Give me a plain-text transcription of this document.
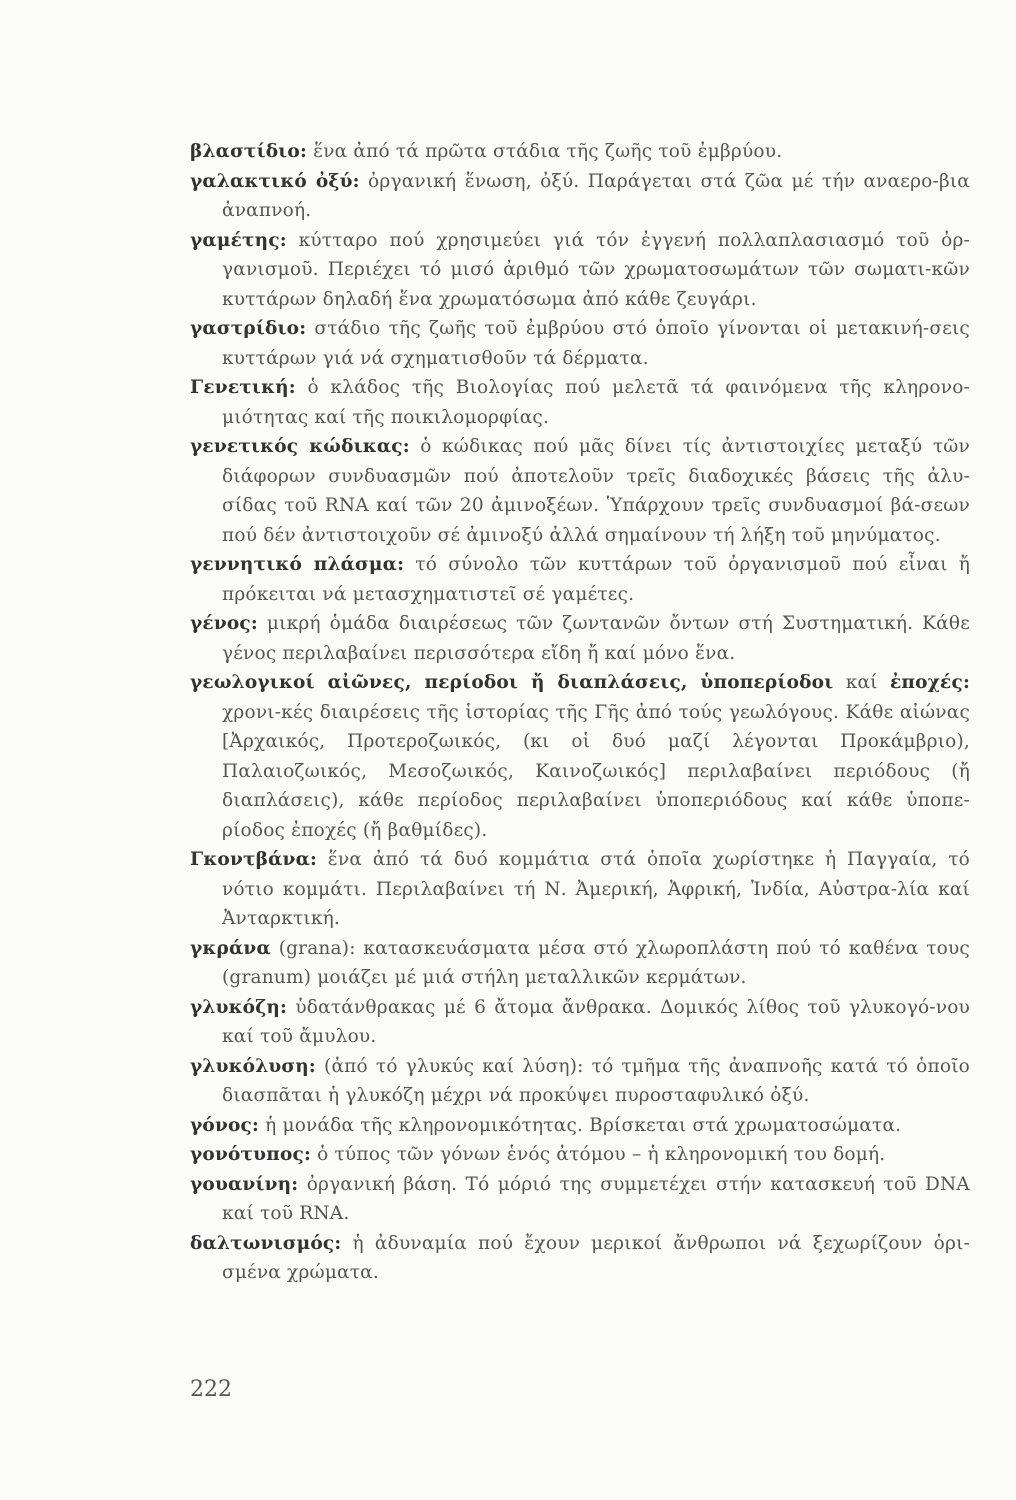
βλαστίδιο: ἕνα ἀπό τά πρῶτα στάδια τῆς ζωῆς τοῦ ἐμβρύου.

γαλακτικό ὀξύ: ὀργανική ἕνωση, ὀξύ. Παράγεται στά ζῶα μέ τήν αναερο-βια ἀναπνοή.

γαμέτης: κύτταρο πού χρησιμεύει γιά τόν ἐγγενή πολλαπλασιασμό τοῦ ὀρ-γανισμοῦ. Περιέχει τό μισό ἀριθμό τῶν χρωματοσωμάτων τῶν σωματι-κῶν κυττάρων δηλαδή ἕνα χρωματόσωμα ἀπό κάθε ζευγάρι.

γαστρίδιο: στάδιο τῆς ζωῆς τοῦ ἐμβρύου στό ὁποῖο γίνονται οἱ μετακινή-σεις κυττάρων γιά νά σχηματισθοῦν τά δέρματα.

Γενετική: ὁ κλάδος τῆς Βιολογίας πού μελετᾶ τά φαινόμενα τῆς κληρονο-μιότητας καί τῆς ποικιλομορφίας.

γενετικός κώδικας: ὁ κώδικας πού μᾶς δίνει τίς ἀντιστοιχίες μεταξύ τῶν διάφορων συνδυασμῶν πού ἀποτελοῦν τρεῖς διαδοχικές βάσεις τῆς ἀλυ-σίδας τοῦ RNA καί τῶν 20 ἀμινοξέων. Ὑπάρχουν τρεῖς συνδυασμοί βά-σεων πού δέν ἀντιστοιχοῦν σέ ἀμινοξύ ἀλλά σημαίνουν τή λήξη τοῦ μηνύματος.

γεννητικό πλάσμα: τό σύνολο τῶν κυττάρων τοῦ ὀργανισμοῦ πού εἶναι ἤ πρόκειται νά μετασχηματιστεῖ σέ γαμέτες.

γένος: μικρή ὁμάδα διαιρέσεως τῶν ζωντανῶν ὄντων στή Συστηματική. Κάθε γένος περιλαβαίνει περισσότερα εἴδη ἤ καί μόνο ἕνα.

γεωλογικοί αἰῶνες, περίοδοι ἤ διαπλάσεις, ὑποπερίοδοι καί ἐποχές: χρονι-κές διαιρέσεις τῆς ἱστορίας τῆς Γῆς ἀπό τούς γεωλόγους. Κάθε αἰώνας [Ἀρχαικός, Προτεροζωικός, (κι οἱ δυό μαζί λέγονται Προκάμβριο), Παλαιοζωικός, Μεσοζωικός, Καινοζωικός] περιλαβαίνει περιόδους (ἤ διαπλάσεις), κάθε περίοδος περιλαβαίνει ὑποπεριόδους καί κάθε ὑποπε-ρίοδος ἐποχές (ἤ βαθμίδες).

Γκοντβάνα: ἕνα ἀπό τά δυό κομμάτια στά ὁποῖα χωρίστηκε ἡ Παγγαία, τό νότιο κομμάτι. Περιλαβαίνει τή Ν. Ἀμερική, Ἀφρική, Ἰνδία, Αὐστρα-λία καί Ἀνταρκτική.

γκράνα (grana): κατασκευάσματα μέσα στό χλωροπλάστη πού τό καθένα τους (granum) μοιάζει μέ μιά στήλη μεταλλικῶν κερμάτων.

γλυκόζη: ὑδατάνθρακας μέ 6 ἄτομα ἄνθρακα. Δομικός λίθος τοῦ γλυκογό-νου καί τοῦ ἄμυλου.

γλυκόλυση: (ἀπό τό γλυκύς καί λύση): τό τμῆμα τῆς ἀναπνοῆς κατά τό ὁποῖο διασπᾶται ἡ γλυκόζη μέχρι νά προκύψει πυροσταφυλικό ὀξύ.

γόνος: ἡ μονάδα τῆς κληρονομικότητας. Βρίσκεται στά χρωματοσώματα.

γονότυπος: ὁ τύπος τῶν γόνων ἑνός ἀτόμου – ἡ κληρονομική του δομή.

γουανίνη: ὀργανική βάση. Τό μόριό της συμμετέχει στήν κατασκευή τοῦ DNA καί τοῦ RNA.

δαλτωνισμός: ἡ ἀδυναμία πού ἔχουν μερικοί ἄνθρωποι νά ξεχωρίζουν ὁρι-σμένα χρώματα.

222
